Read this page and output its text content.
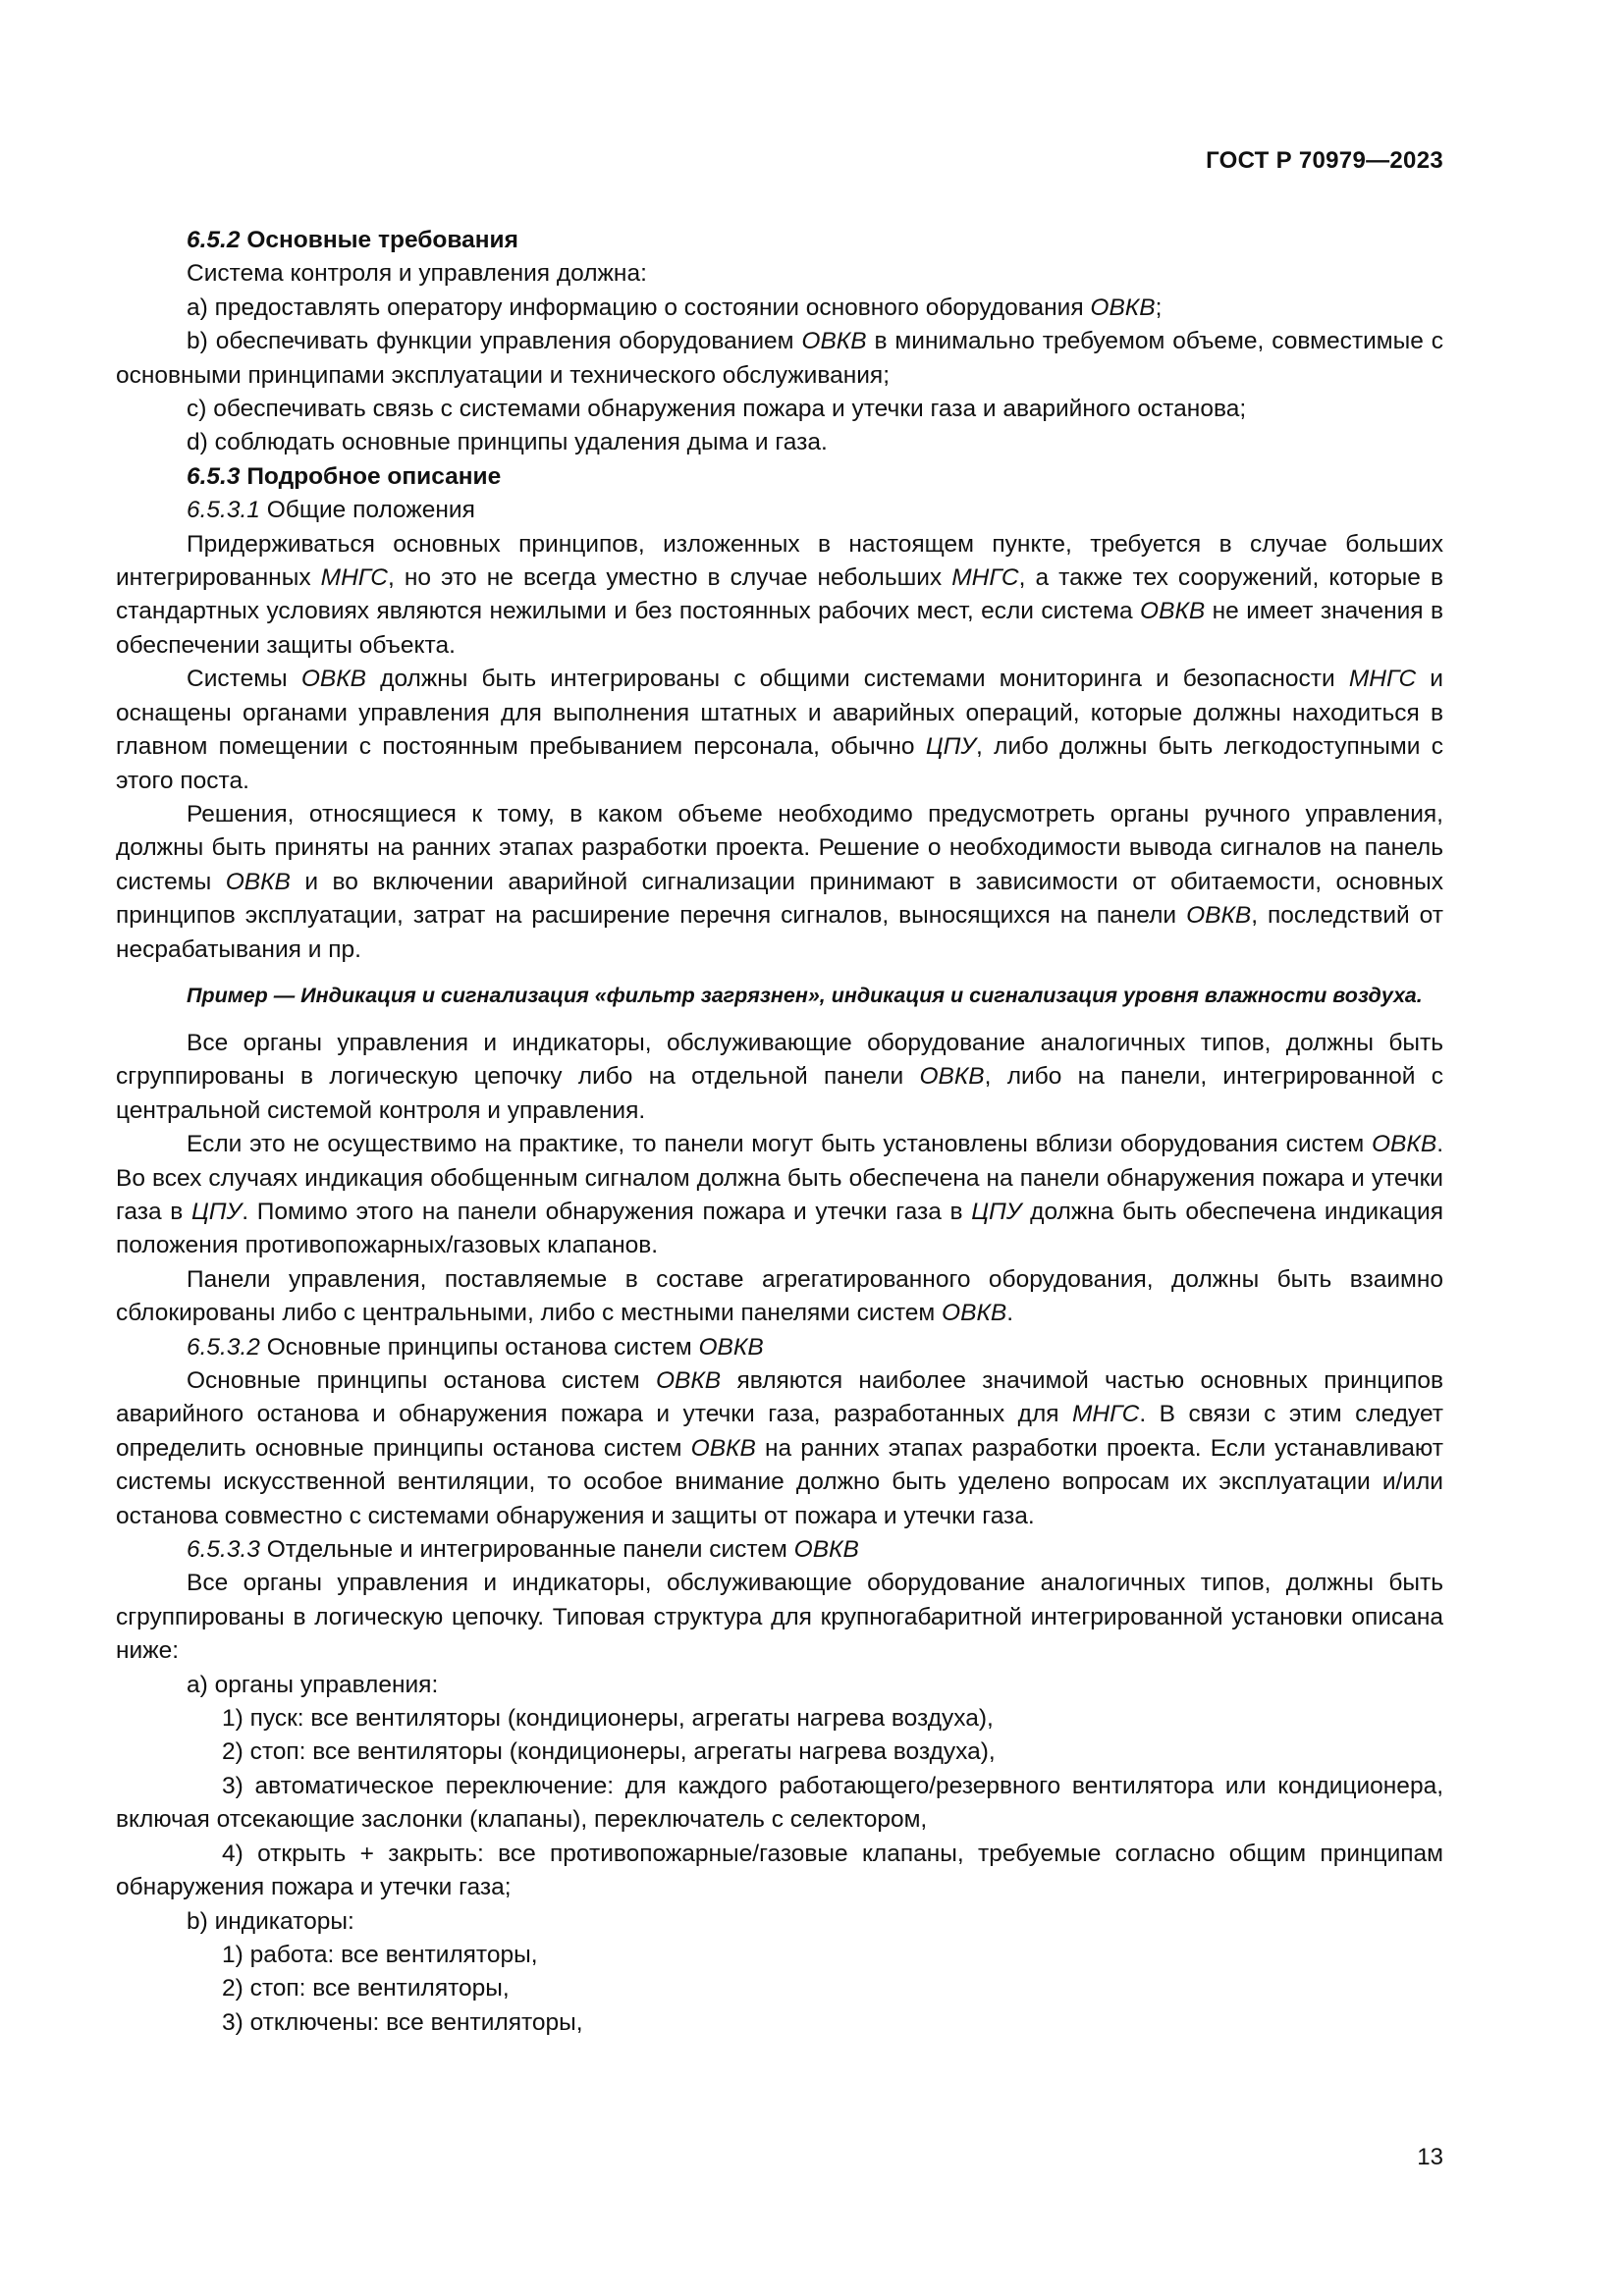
ГОСТ Р 70979—2023

6.5.2 Основные требования

Система контроля и управления должна:

а) предоставлять оператору информацию о состоянии основного оборудования ОВКВ;

b) обеспечивать функции управления оборудованием ОВКВ в минимально требуемом объеме, совместимые с основными принципами эксплуатации и технического обслуживания;

c) обеспечивать связь с системами обнаружения пожара и утечки газа и аварийного останова;

d) соблюдать основные принципы удаления дыма и газа.

6.5.3 Подробное описание

6.5.3.1 Общие положения

Придерживаться основных принципов, изложенных в настоящем пункте, требуется в случае больших интегрированных МНГС, но это не всегда уместно в случае небольших МНГС, а также тех сооружений, которые в стандартных условиях являются нежилыми и без постоянных рабочих мест, если система ОВКВ не имеет значения в обеспечении защиты объекта.

Системы ОВКВ должны быть интегрированы с общими системами мониторинга и безопасности МНГС и оснащены органами управления для выполнения штатных и аварийных операций, которые должны находиться в главном помещении с постоянным пребыванием персонала, обычно ЦПУ, либо должны быть легкодоступными с этого поста.

Решения, относящиеся к тому, в каком объеме необходимо предусмотреть органы ручного управления, должны быть приняты на ранних этапах разработки проекта. Решение о необходимости вывода сигналов на панель системы ОВКВ и во включении аварийной сигнализации принимают в зависимости от обитаемости, основных принципов эксплуатации, затрат на расширение перечня сигналов, выносящихся на панели ОВКВ, последствий от несрабатывания и пр.

Пример — Индикация и сигнализация «фильтр загрязнен», индикация и сигнализация уровня влажности воздуха.

Все органы управления и индикаторы, обслуживающие оборудование аналогичных типов, должны быть сгруппированы в логическую цепочку либо на отдельной панели ОВКВ, либо на панели, интегрированной с центральной системой контроля и управления.

Если это не осуществимо на практике, то панели могут быть установлены вблизи оборудования систем ОВКВ. Во всех случаях индикация обобщенным сигналом должна быть обеспечена на панели обнаружения пожара и утечки газа в ЦПУ. Помимо этого на панели обнаружения пожара и утечки газа в ЦПУ должна быть обеспечена индикация положения противопожарных/газовых клапанов.

Панели управления, поставляемые в составе агрегатированного оборудования, должны быть взаимно сблокированы либо с центральными, либо с местными панелями систем ОВКВ.

6.5.3.2 Основные принципы останова систем ОВКВ

Основные принципы останова систем ОВКВ являются наиболее значимой частью основных принципов аварийного останова и обнаружения пожара и утечки газа, разработанных для МНГС. В связи с этим следует определить основные принципы останова систем ОВКВ на ранних этапах разработки проекта. Если устанавливают системы искусственной вентиляции, то особое внимание должно быть уделено вопросам их эксплуатации и/или останова совместно с системами обнаружения и защиты от пожара и утечки газа.

6.5.3.3 Отдельные и интегрированные панели систем ОВКВ

Все органы управления и индикаторы, обслуживающие оборудование аналогичных типов, должны быть сгруппированы в логическую цепочку. Типовая структура для крупногабаритной интегрированной установки описана ниже:

а) органы управления:

1) пуск: все вентиляторы (кондиционеры, агрегаты нагрева воздуха),

2) стоп: все вентиляторы (кондиционеры, агрегаты нагрева воздуха),

3) автоматическое переключение: для каждого работающего/резервного вентилятора или кондиционера, включая отсекающие заслонки (клапаны), переключатель с селектором,

4) открыть + закрыть: все противопожарные/газовые клапаны, требуемые согласно общим принципам обнаружения пожара и утечки газа;

b) индикаторы:

1) работа: все вентиляторы,

2) стоп: все вентиляторы,

3) отключены: все вентиляторы,

13
